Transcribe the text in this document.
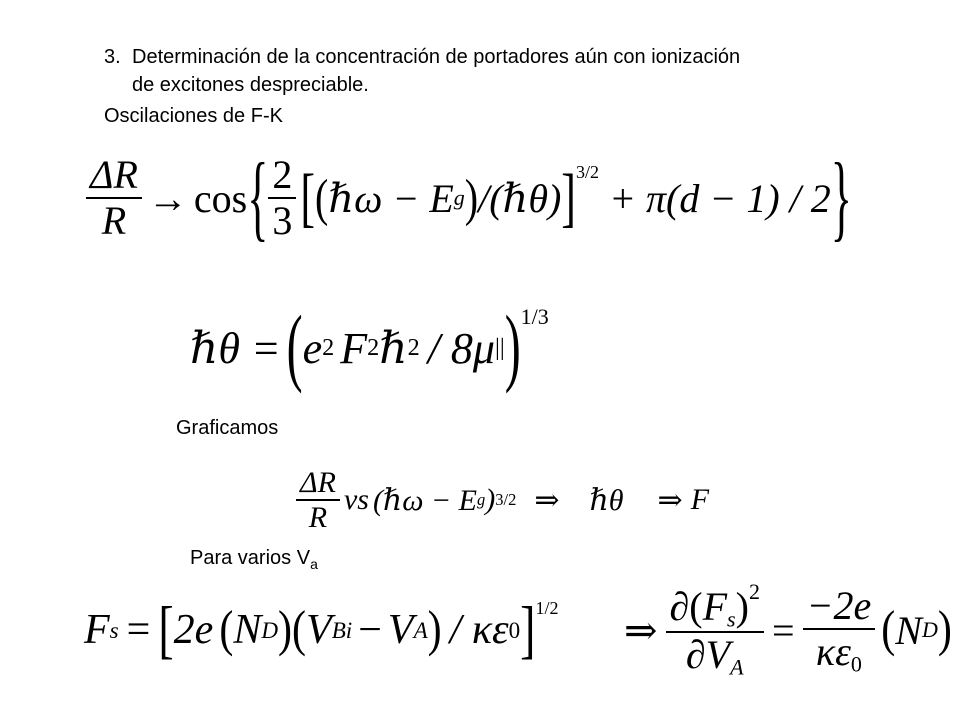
3. Determinación de la concentración de portadores aún con ionización
de excitones despreciable.
Oscilaciones de F-K
$\frac{\Delta R}{R} \to \cos$ { $\frac{2}{3}$ [ ( ℏω − E g ) /(ℏθ) ] 3/2
+ π(d − 1) / 2 }
ℏθ = ( e 2 F 2 ℏ 2 / 8μ || ) 1/3
Graficamos
$\frac{\Delta R}{R}$ vs (ℏω − E g ) 3/2 ⇒ ℏθ ⇒ F
Para varios $V_a$
F s = [ 2e ( N D ) ( V Bi − V A ) / κε 0 ] 1/2 ⇒ $\frac{\partial(F_s)^2}{\partial V_A} = \frac{-2e}{\kappa\varepsilon_0}$ ( N D )
